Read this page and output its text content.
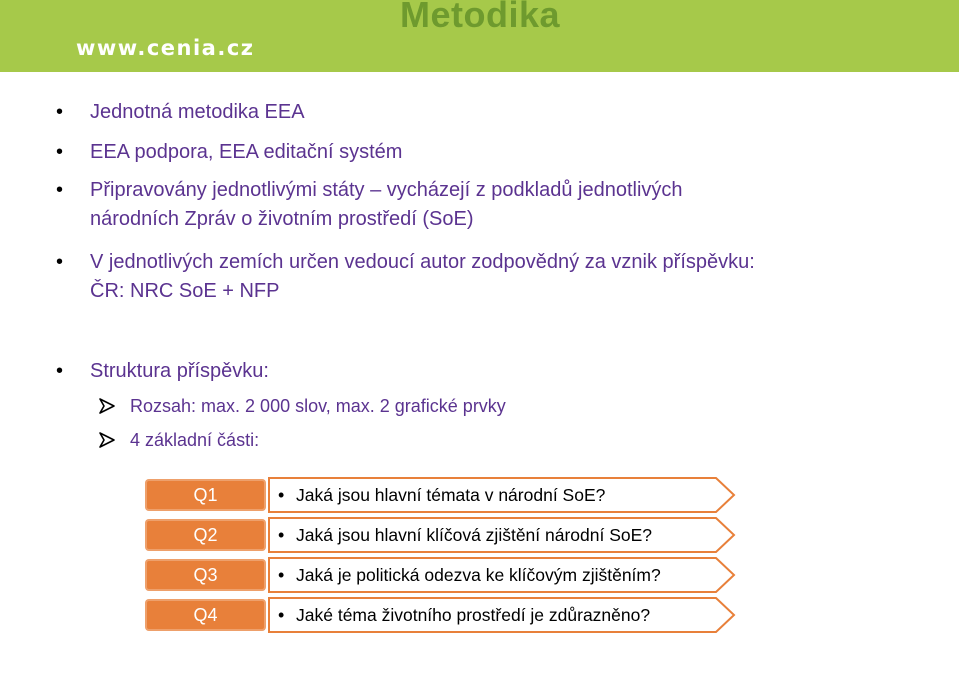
Metodika
www.cenia.cz
• Jednotná metodika EEA
• EEA podpora, EEA editační systém
• Připravovány jednotlivými státy – vycházejí z podkladů jednotlivých
národních Zpráv o životním prostředí (SoE)
• V jednotlivých zemích určen vedoucí autor zodpovědný za vznik příspěvku:
ČR: NRC SoE + NFP
• Struktura příspěvku:
Rozsah: max. 2 000 slov, max. 2 grafické prvky
4 základní části:
Q1	• Jaká jsou hlavní témata v národní SoE?
Q2	• Jaká jsou hlavní klíčová zjištění národní SoE?
Q3	• Jaká je politická odezva ke klíčovým zjištěním?
Q4	• Jaké téma životního prostředí je zdůrazněno?
